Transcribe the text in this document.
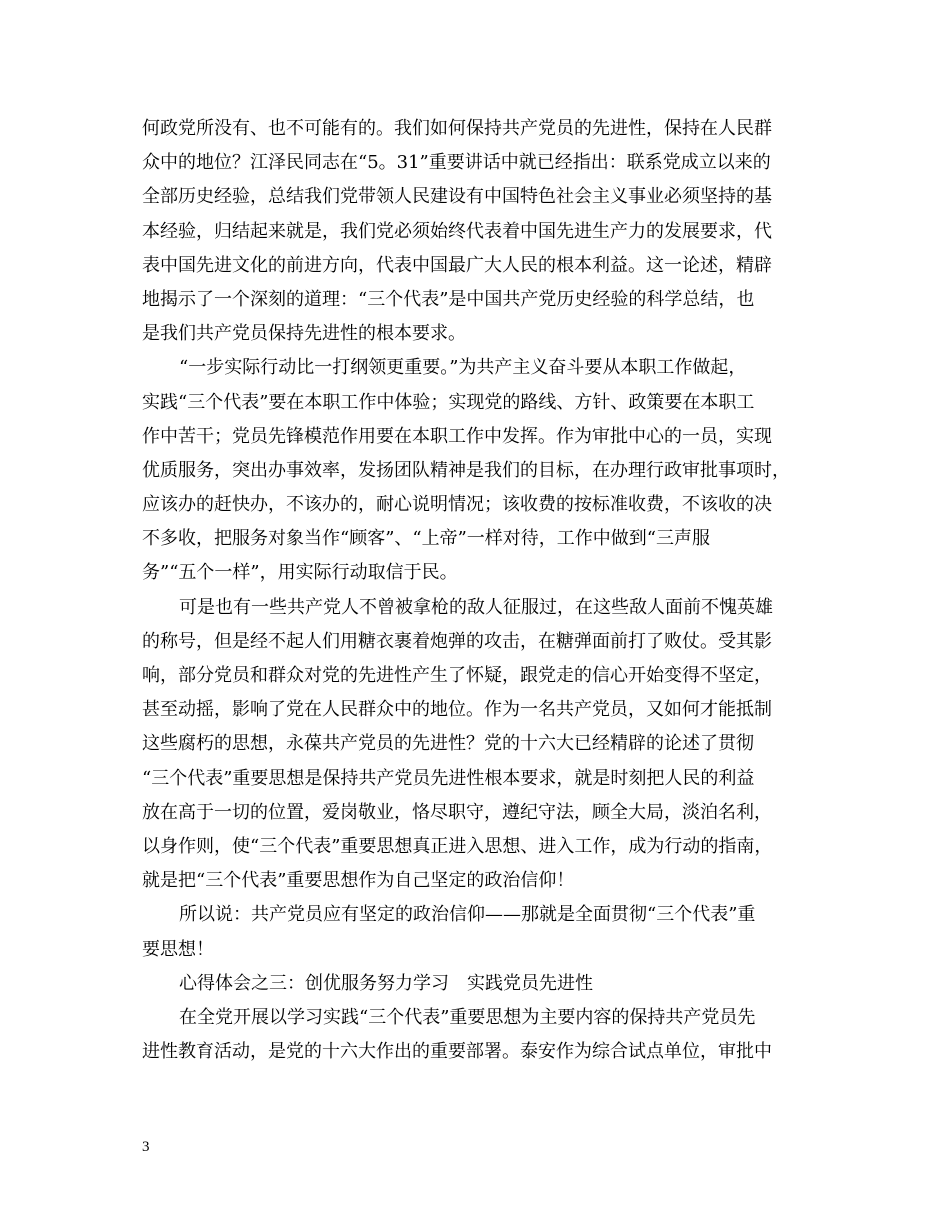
何政党所没有、也不可能有的。我们如何保持共产党员的先进性，保持在人民群
众中的地位？江泽民同志在“5。31”重要讲话中就已经指出：联系党成立以来的
全部历史经验，总结我们党带领人民建设有中国特色社会主义事业必须坚持的基
本经验，归结起来就是，我们党必须始终代表着中国先进生产力的发展要求，代
表中国先进文化的前进方向，代表中国最广大人民的根本利益。这一论述，精辟
地揭示了一个深刻的道理：“三个代表”是中国共产党历史经验的科学总结，也
是我们共产党员保持先进性的根本要求。
“一步实际行动比一打纲领更重要。”为共产主义奋斗要从本职工作做起，
实践“三个代表”要在本职工作中体验；实现党的路线、方针、政策要在本职工
作中苦干；党员先锋模范作用要在本职工作中发挥。作为审批中心的一员，实现
优质服务，突出办事效率，发扬团队精神是我们的目标，在办理行政审批事项时，
应该办的赶快办，不该办的，耐心说明情况；该收费的按标准收费，不该收的决
不多收，把服务对象当作“顾客”、“上帝”一样对待，工作中做到“三声服
务”“五个一样”，用实际行动取信于民。
可是也有一些共产党人不曾被拿枪的敌人征服过，在这些敌人面前不愧英雄
的称号，但是经不起人们用糖衣裹着炮弹的攻击，在糖弹面前打了败仗。受其影
响，部分党员和群众对党的先进性产生了怀疑，跟党走的信心开始变得不坚定，
甚至动摇，影响了党在人民群众中的地位。作为一名共产党员，又如何才能抵制
这些腐朽的思想，永葆共产党员的先进性？党的十六大已经精辟的论述了贯彻
“三个代表”重要思想是保持共产党员先进性根本要求，就是时刻把人民的利益
放在高于一切的位置，爱岗敬业，恪尽职守，遵纪守法，顾全大局，淡泊名利，
以身作则，使“三个代表”重要思想真正进入思想、进入工作，成为行动的指南，
就是把“三个代表”重要思想作为自己坚定的政治信仰！
所以说：共产党员应有坚定的政治信仰——那就是全面贯彻“三个代表”重
要思想！
心得体会之三：创优服务努力学习　实践党员先进性
在全党开展以学习实践“三个代表”重要思想为主要内容的保持共产党员先
进性教育活动，是党的十六大作出的重要部署。泰安作为综合试点单位，审批中
3
